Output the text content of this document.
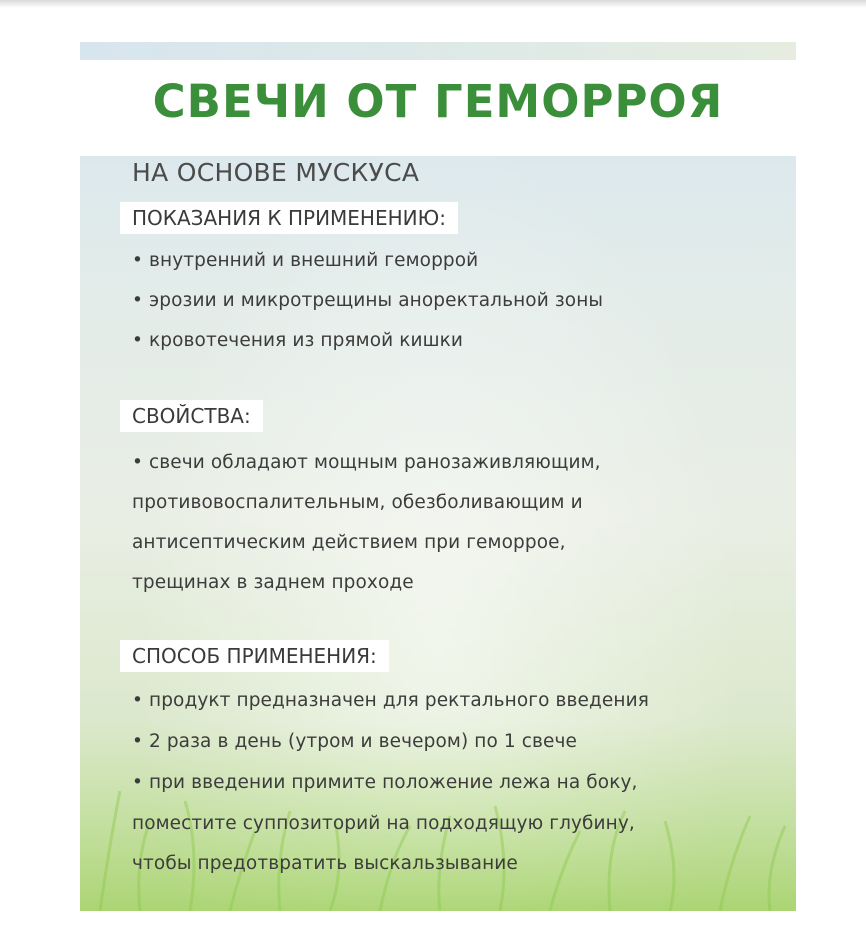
СВЕЧИ ОТ ГЕМОРРОЯ
НА ОСНОВЕ МУСКУСА
ПОКАЗАНИЯ К ПРИМЕНЕНИЮ:
• внутренний и внешний геморрой
• эрозии и микротрещины аноректальной зоны
• кровотечения из прямой кишки
СВОЙСТВА:
• свечи обладают мощным ранозаживляющим,
противовоспалительным, обезболивающим и
антисептическим действием при геморрое,
трещинах в заднем проходе
СПОСОБ ПРИМЕНЕНИЯ:
• продукт предназначен для ректального введения
• 2 раза в день (утром и вечером) по 1 свече
• при введении примите положение лежа на боку,
поместите суппозиторий на подходящую глубину,
чтобы предотвратить выскальзывание
